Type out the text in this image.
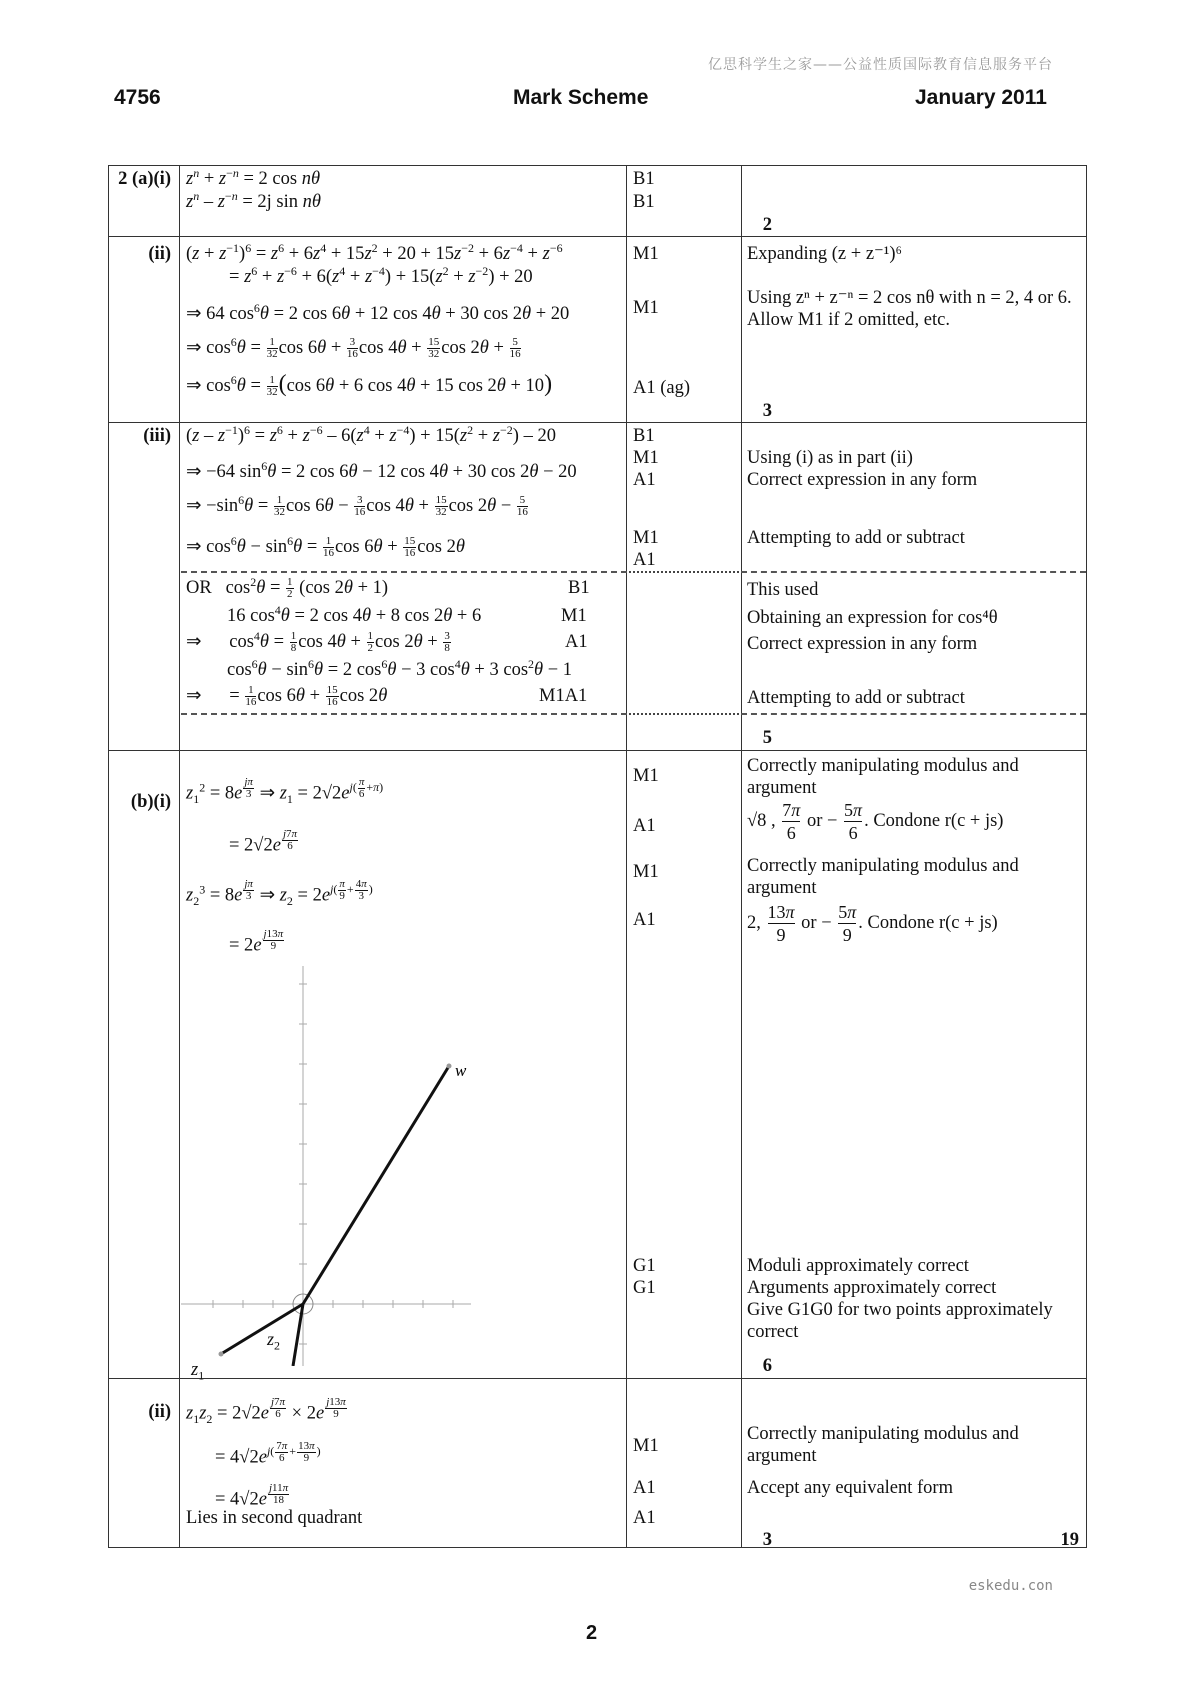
亿思科学生之家——公益性质国际教育信息服务平台
4756	Mark Scheme	January 2011
2 (a)(i) $z^n + z^{-n} = 2$ cos nθ
$z^n - z^{-n} = 2j$ sin nθ
B1
B1
2
(ii) $(z + z^{-1})^6 = z^6 + 6z^4 + 15z^2 + 20 + 15z^{-2} + 6z^{-4} + z^{-6}$
= $z^6 + z^{-6} + 6(z^4 + z^{-4}) + 15(z^2 + z^{-2}) + 20$
⇒ 64 $\cos^6\theta = 2$ cos 6θ + 12 cos 4θ + 30 cos 2θ + 20
⇒ $\cos^6\theta = \frac{1}{32}$ $\cos 6\theta + \frac{3}{16}$ $\cos 4\theta + \frac{15}{32}$ $\cos 2\theta + \frac{5}{16}$
⇒ $\cos^6\theta = \frac{1}{32} (\cos$ 6θ + 6 cos 4θ + 15 cos 2θ + 10)
M1
M1
A1 (ag)
3
Expanding (z + z⁻¹)⁶
Using zⁿ + z⁻ⁿ = 2 cos nθ with n = 2, 4 or 6. Allow M1 if 2 omitted, etc.
(iii) $(z - z^{-1})^6 = z^6 + z^{-6} - 6(z^4 + z^{-4}) + 15(z^2 + z^{-2}) - 20$
⇒ −64 $\sin^6\theta = 2$ cos 6θ − 12 cos 4θ + 30 cos 2θ − 20
⇒ $-\sin^6\theta = \frac{1}{32}$ $\cos 6\theta - \frac{3}{16}$ $\cos 4\theta + \frac{15}{32}$ $\cos 2\theta - \frac{5}{16}$
⇒ $\cos^6\theta - \sin^6\theta = \frac{1}{16}$ $\cos 6\theta + \frac{15}{16}$ cos 2θ
B1
M1
A1
M1
A1
Using (i) as in part (ii)
Correct expression in any form
Attempting to add or subtract
OR   $\cos^2\theta = \frac{1}{2} (\cos$ 2θ + 1)
16 $\cos^4\theta = 2$ cos 4θ + 8 cos 2θ + 6
⇒      $\cos^4\theta = \frac{1}{8}$ $\cos 4\theta + \frac{1}{2}$ $\cos 2\theta + \frac{3}{8}$
$\cos^6\theta - \sin^6\theta = 2$ $\cos^6\theta - 3$ $\cos^4\theta + 3$ $\cos^2\theta - 1$
⇒      = $\frac{1}{16}$ $\cos 6\theta + \frac{15}{16}$ cos 2θ
B1
M1
A1
M1A1
This used
Obtaining an expression for cos⁴θ
Correct expression in any form
Attempting to add or subtract
5
(b)(i) $z_1^2 = 8e$ $^{\frac{j\pi}{3}}$ ⇒ $z_1 = 2√2e^{j( \frac{\pi}{6} +\pi)}$
= 2√2e $^{\frac{j7\pi}{6}}$
$z_2^3 = 8e$ $^{\frac{j\pi}{3}}$ ⇒ $z_2 = 2e^{j( \frac{\pi}{9} + \frac{4\pi}{3} )}$
= 2e $^{\frac{j13\pi}{9}}$
w
$z_1$
M1
A1
M1
A1
G1
G1
6
Correctly manipulating modulus and argument
√8 , $\frac{7\pi}{6}$ or − $\frac{5\pi}{6}$ . Condone r(c + js)
Correctly manipulating modulus and argument
2, $\frac{13\pi}{9}$ or − $\frac{5\pi}{9}$ . Condone r(c + js)
Moduli approximately correct
Arguments approximately correct
Give G1G0 for two points approximately correct
(ii) $z_1z_2 = 2√2e$ $^{\frac{j7\pi}{6}}$ × 2e $^{\frac{j13\pi}{9}}$
= $4√2e^{j( \frac{7\pi}{6} + \frac{13\pi}{9} )}$
= 4√2e $^{\frac{j11\pi}{18}}$
Lies in second quadrant
M1
A1
A1
3
Correctly manipulating modulus and argument
Accept any equivalent form
19
$z_2$
eskedu.con
2
